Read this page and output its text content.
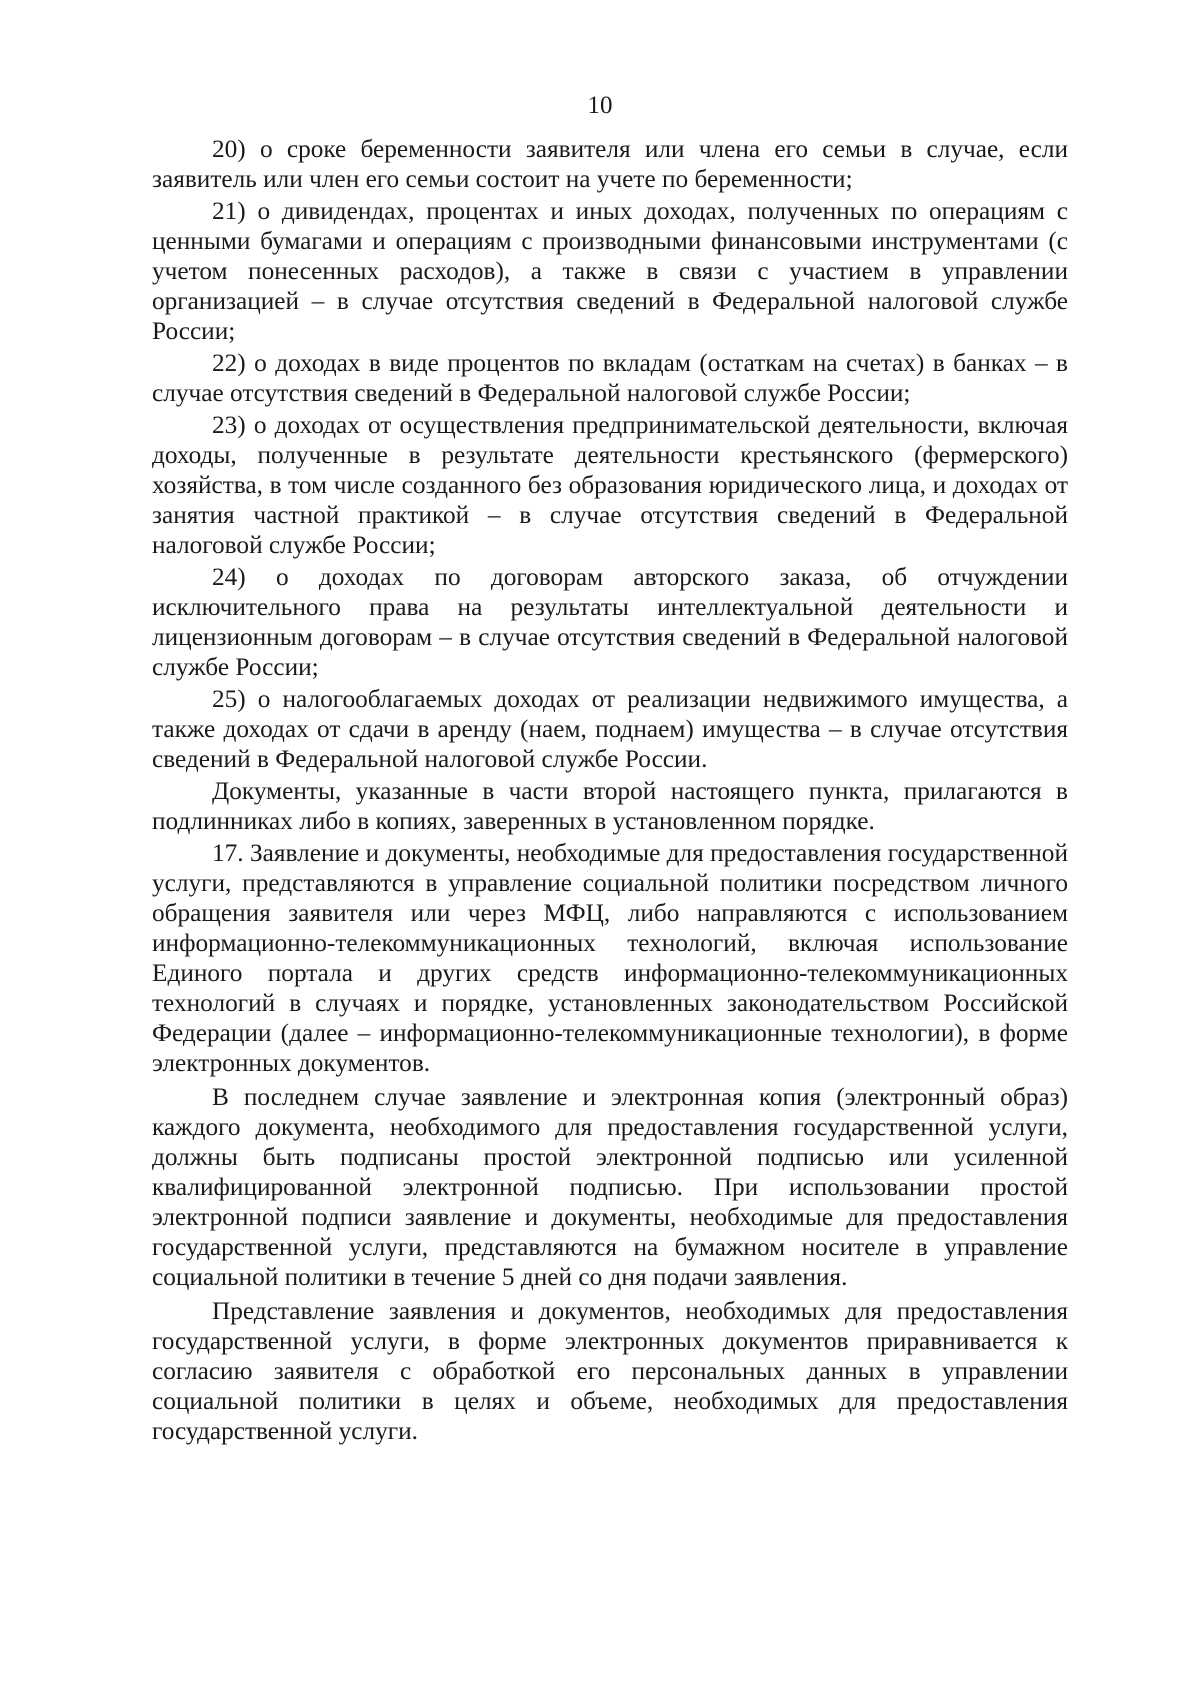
10

20) о сроке беременности заявителя или члена его семьи в случае, если заявитель или член его семьи состоит на учете по беременности;

21) о дивидендах, процентах и иных доходах, полученных по операциям с ценными бумагами и операциям с производными финансовыми инструментами (с учетом понесенных расходов), а также в связи с участием в управлении организацией – в случае отсутствия сведений в Федеральной налоговой службе России;

22) о доходах в виде процентов по вкладам (остаткам на счетах) в банках – в случае отсутствия сведений в Федеральной налоговой службе России;

23) о доходах от осуществления предпринимательской деятельности, включая доходы, полученные в результате деятельности крестьянского (фермерского) хозяйства, в том числе созданного без образования юридического лица, и доходах от занятия частной практикой – в случае отсутствия сведений в Федеральной налоговой службе России;

24) о доходах по договорам авторского заказа, об отчуждении исключительного права на результаты интеллектуальной деятельности и лицензионным договорам – в случае отсутствия сведений в Федеральной налоговой службе России;

25) о налогооблагаемых доходах от реализации недвижимого имущества, а также доходах от сдачи в аренду (наем, поднаем) имущества – в случае отсутствия сведений в Федеральной налоговой службе России.

Документы, указанные в части второй настоящего пункта, прилагаются в подлинниках либо в копиях, заверенных в установленном порядке.

17. Заявление и документы, необходимые для предоставления государственной услуги, представляются в управление социальной политики посредством личного обращения заявителя или через МФЦ, либо направляются с использованием информационно-телекоммуникационных технологий, включая использование Единого портала и других средств информационно-телекоммуникационных технологий в случаях и порядке, установленных законодательством Российской Федерации (далее – информационно-телекоммуникационные технологии), в форме электронных документов.

В последнем случае заявление и электронная копия (электронный образ) каждого документа, необходимого для предоставления государственной услуги, должны быть подписаны простой электронной подписью или усиленной квалифицированной электронной подписью. При использовании простой электронной подписи заявление и документы, необходимые для предоставления государственной услуги, представляются на бумажном носителе в управление социальной политики в течение 5 дней со дня подачи заявления.

Представление заявления и документов, необходимых для предоставления государственной услуги, в форме электронных документов приравнивается к согласию заявителя с обработкой его персональных данных в управлении социальной политики в целях и объеме, необходимых для предоставления государственной услуги.
